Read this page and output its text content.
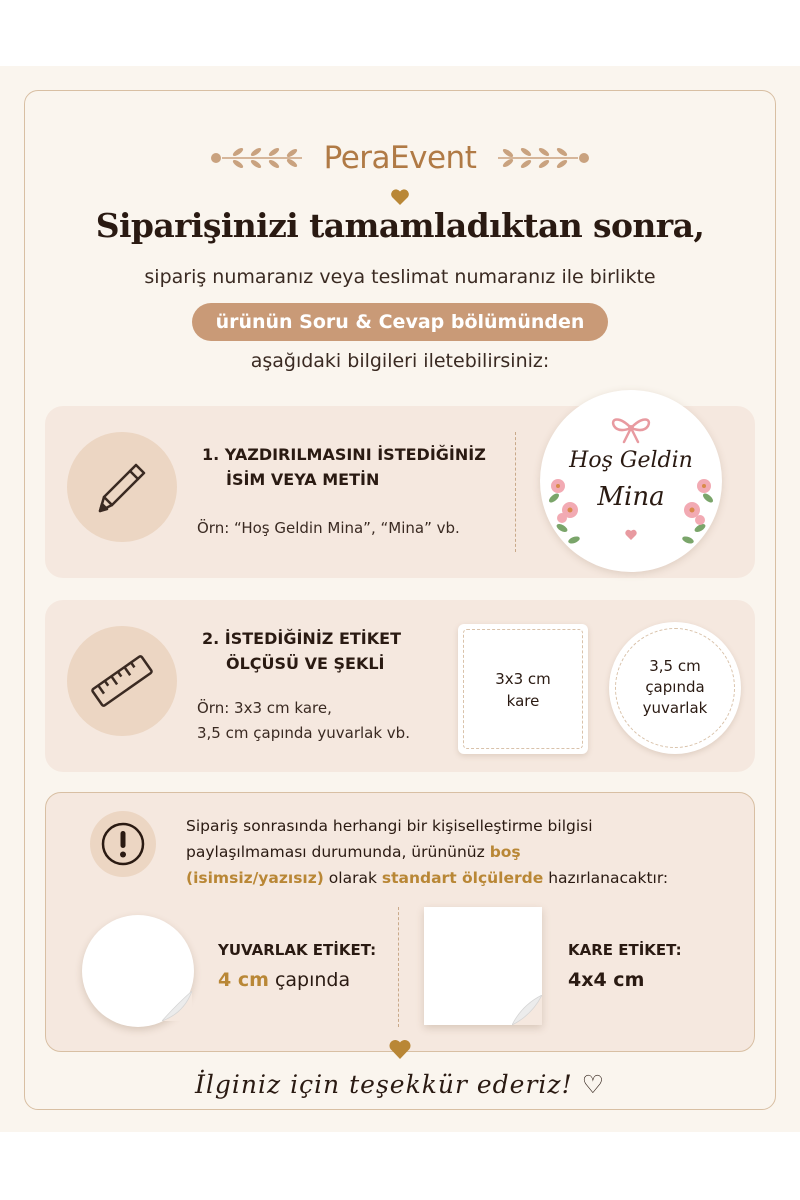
PeraEvent
Siparişinizi tamamladıktan sonra,
sipariş numaranız veya teslimat numaranız ile birlikte
ürünün Soru & Cevap bölümünden
aşağıdaki bilgileri iletebilirsiniz:
1. YAZDIRILMASINI İSTEDİĞİNİZ
İSİM VEYA METİN
Örn: “Hoş Geldin Mina”, “Mina” vb.
Hoş Geldin
Mina
2. İSTEDİĞİNİZ ETİKET
ÖLÇÜSÜ VE ŞEKLİ
Örn: 3x3 cm kare,
3,5 cm çapında yuvarlak vb.
3x3 cm
kare
3,5 cm
çapında
yuvarlak
Sipariş sonrasında herhangi bir kişiselleştirme bilgisi
paylaşılmaması durumunda, ürününüz boş
(isimsiz/yazısız) olarak standart ölçülerde hazırlanacaktır:
YUVARLAK ETİKET:
4 cm çapında
KARE ETİKET:
4x4 cm
İlginiz için teşekkür ederiz! ♡
